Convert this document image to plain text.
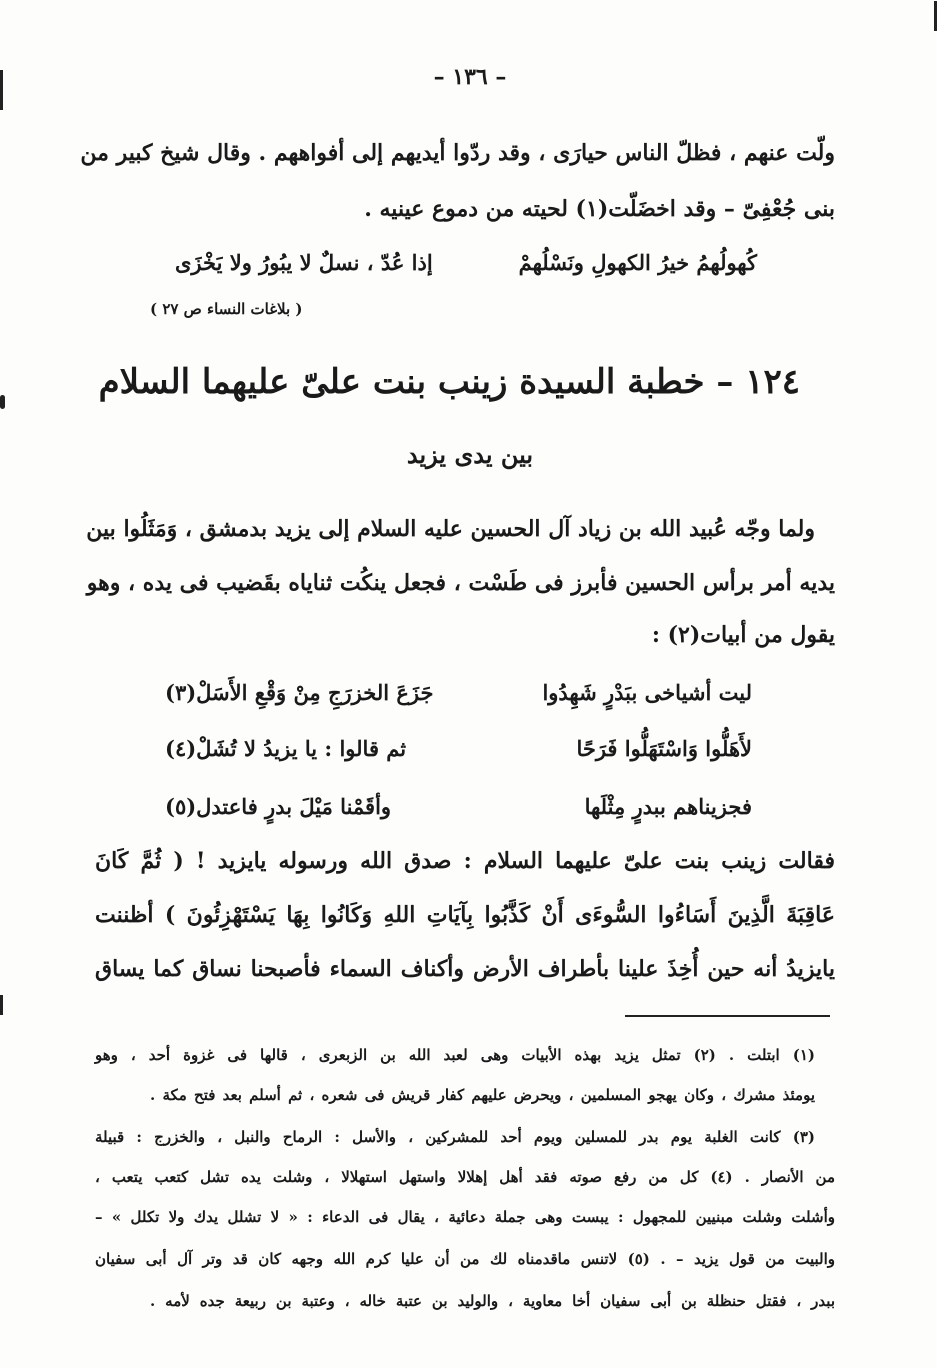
– ١٣٦ –
ولّت عنهم ، فظلّ الناس حيارَى ، وقد ردّوا أيديهم إلى أفواههم . وقال شيخ كبير من
بنى جُعْفِىّ – وقد اخضَلّت(١) لحيته من دموع عينيه .
كُهولُهمُ خيرُ الكهولِ ونَسْلُهمْ
إذا عُدّ ، نسلٌ لا يبُورُ ولا يَخْزَى
( بلاغات النساء ص ٢٧ )
١٢٤ – خطبة السيدة زينب بنت علىّ عليهما السلام
بين يدى يزيد
ولما وجّه عُبيد الله بن زياد آل الحسين عليه السلام إلى يزيد بدمشق ، وَمَثَلُوا بين
يديه أمر برأس الحسين فأبرز فى طَسْت ، فجعل ينكُت ثناياه بقَضيب فى يده ، وهو
يقول من أبيات(٢) :
ليت أشياخى ببَدْرٍ شَهِدُوا
جَزَعَ الخزرَجِ مِنْ وَقْعِ الأَسَلْ(٣)
لأَهَلُّوا وَاسْتَهَلُّوا فَرَحًا
ثم قالوا : يا يزيدُ لا تُشَلْ(٤)
فجزيناهم ببدرٍ مِثْلَها
وأقَمْنا مَيْلَ بدرٍ فاعتدل(٥)
فقالت زينب بنت علىّ عليهما السلام : صدق الله ورسوله يايزيد ! ( ثُمَّ كَانَ
عَاقِبَةَ الَّذِينَ أَسَاءُوا السُّوءَى أَنْ كَذَّبُوا بِآيَاتِ اللهِ وَكَانُوا بِهَا يَسْتَهْزِئُونَ ) أظننت
يايزيدُ أنه حين أُخِذَ علينا بأطراف الأرض وأكناف السماء فأصبحنا نساق كما يساق
(١) ابتلت . (٢) تمثل يزيد بهذه الأبيات وهى لعبد الله بن الزبعرى ، قالها فى غزوة أحد ، وهو
يومئذ مشرك ، وكان يهجو المسلمين ، ويحرض عليهم كفار قريش فى شعره ، ثم أسلم بعد فتح مكة .
(٣) كانت الغلبة يوم بدر للمسلين ويوم أحد للمشركين ، والأسل : الرماح والنبل ، والخزرج : قبيلة
من الأنصار . (٤) كل من رفع صوته فقد أهل إهلالا واستهل استهلالا ، وشلت يده تشل كتعب يتعب ،
وأشلت وشلت مبنيين للمجهول : يبست وهى جملة دعائية ، يقال فى الدعاء : « لا تشلل يدك ولا تكلل » –
والبيت من قول يزيد – . (٥) لاتنس ماقدمناه لك من أن عليا كرم الله وجهه كان قد وتر آل أبى سفيان
ببدر ، فقتل حنظلة بن أبى سفيان أخا معاوية ، والوليد بن عتبة خاله ، وعتبة بن ربيعة جده لأمه .
